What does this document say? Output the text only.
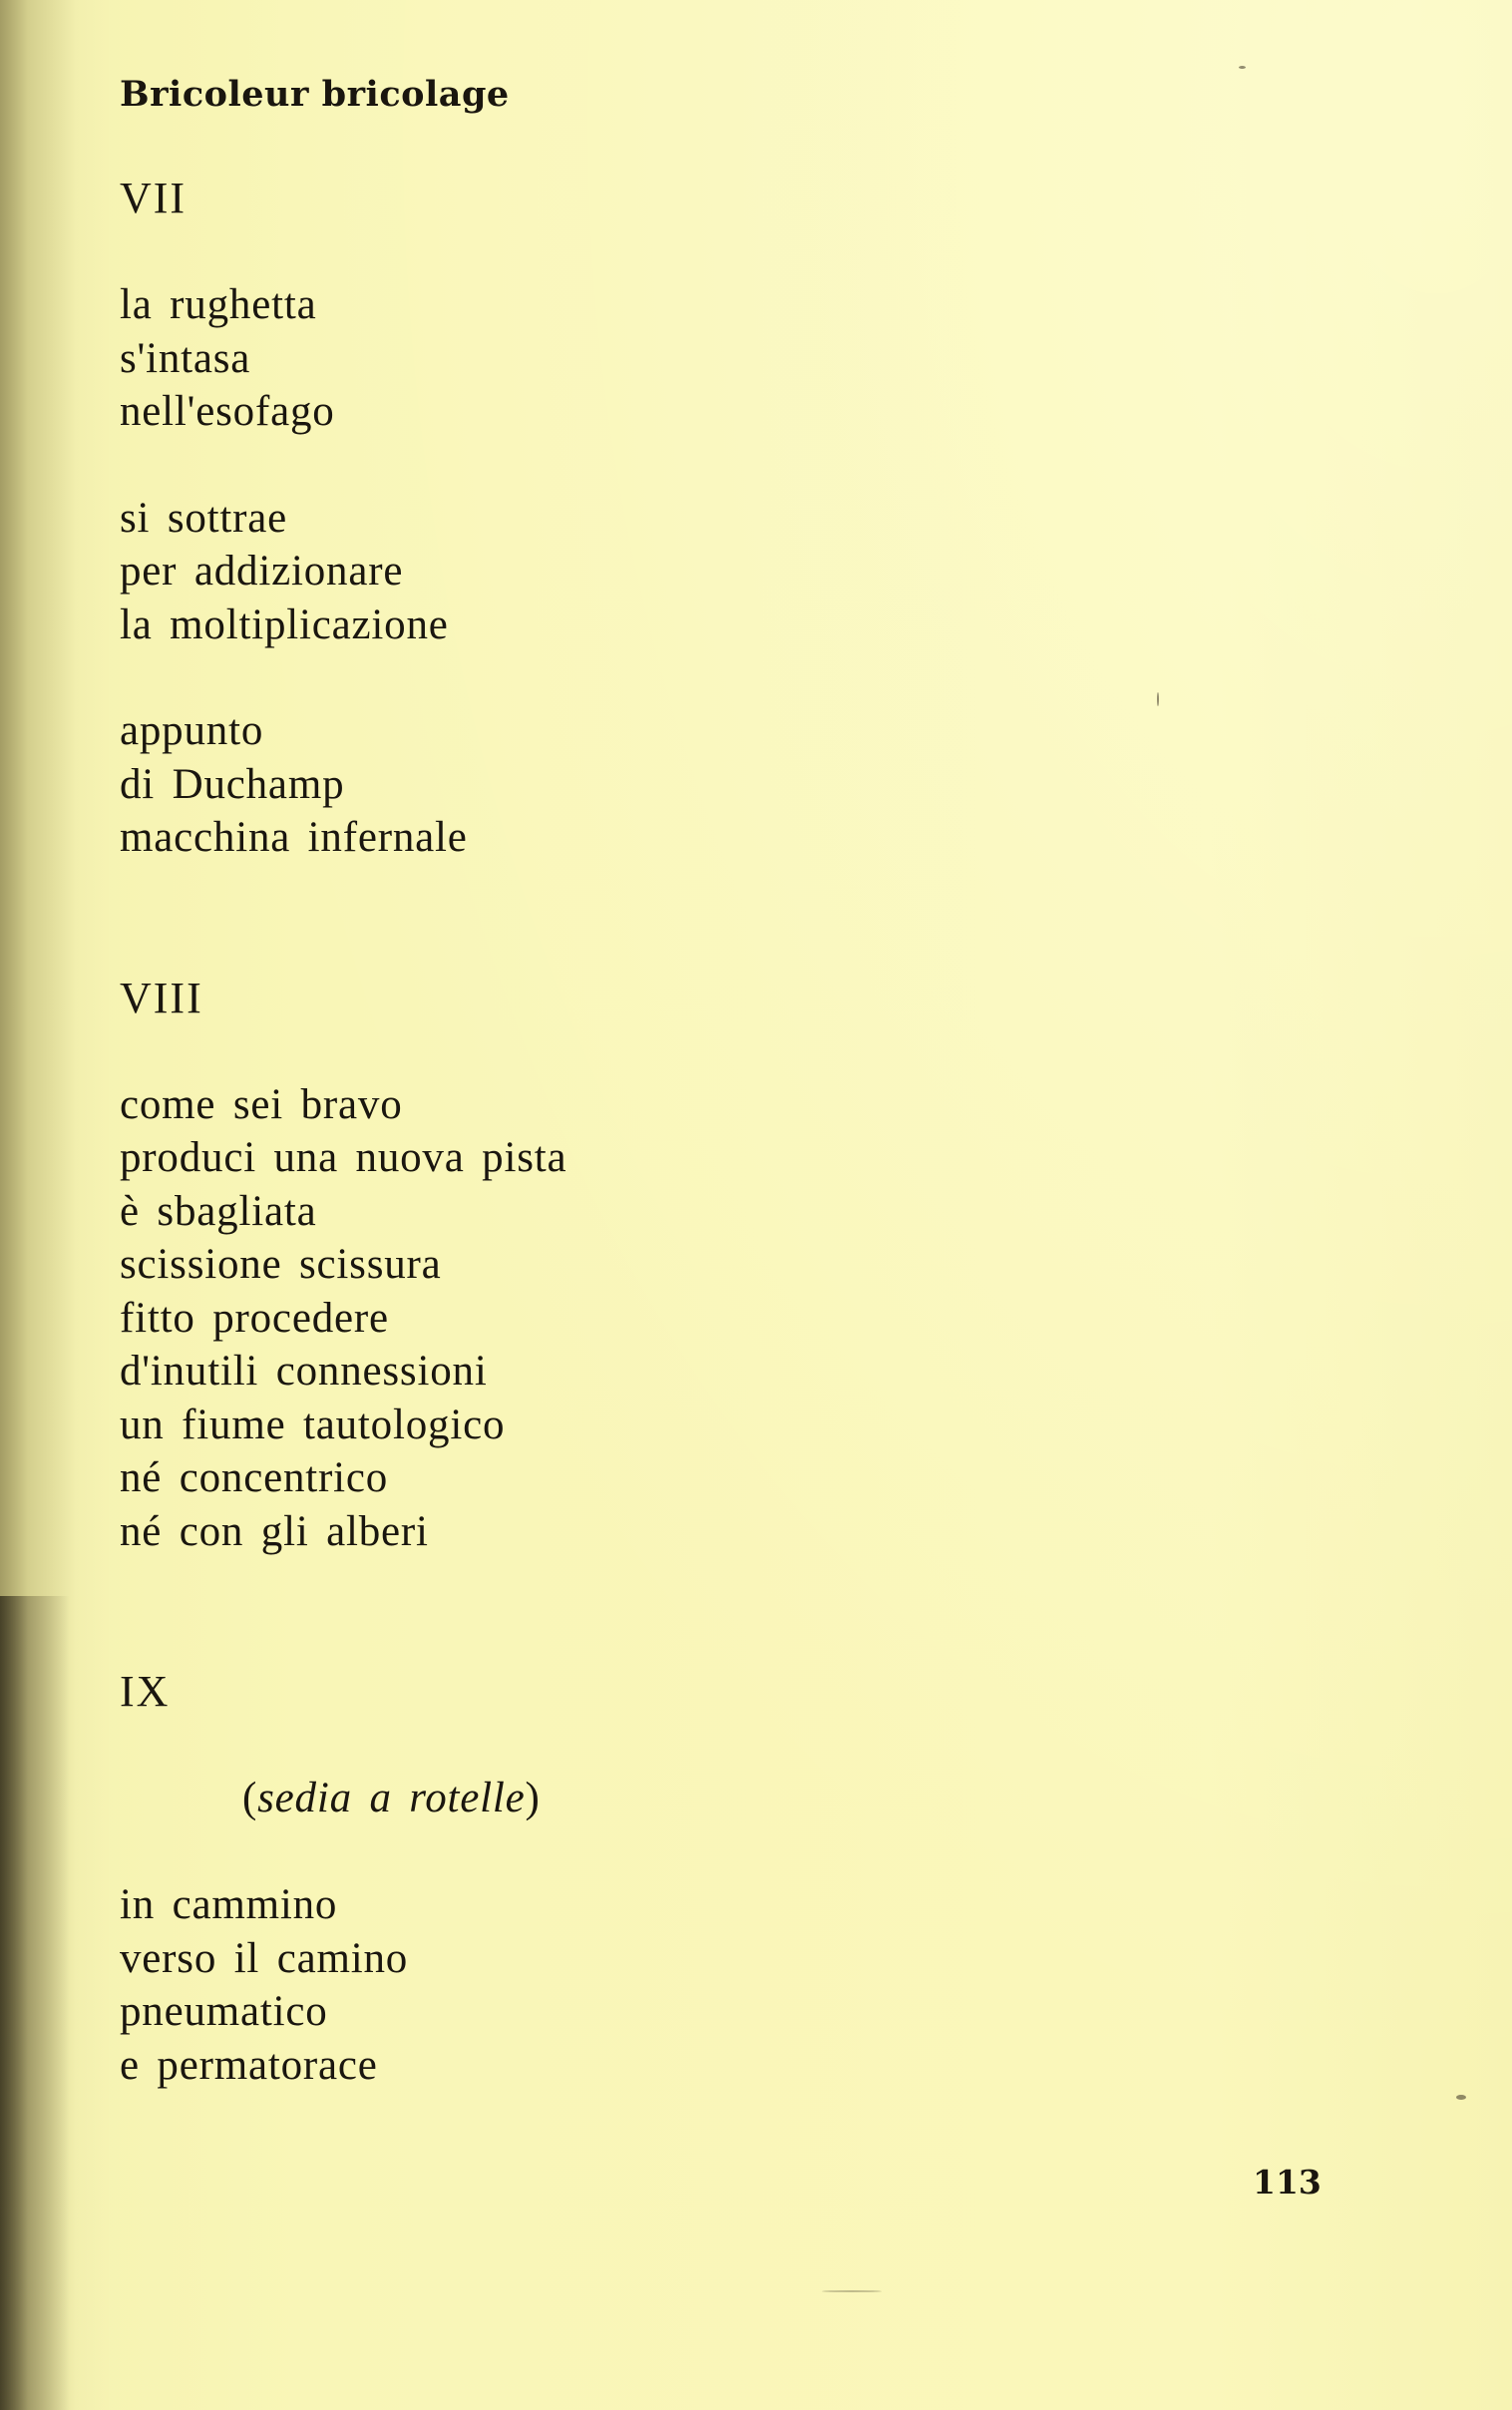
Bricoleur bricolage
VII
la rughetta
s'intasa
nell'esofago
si sottrae
per addizionare
la moltiplicazione
appunto
di Duchamp
macchina infernale
VIII
come sei bravo
produci una nuova pista
è sbagliata
scissione scissura
fitto procedere
d'inutili connessioni
un fiume tautologico
né concentrico
né con gli alberi
IX
(sedia a rotelle)
in cammino
verso il camino
pneumatico
e permatorace
113
